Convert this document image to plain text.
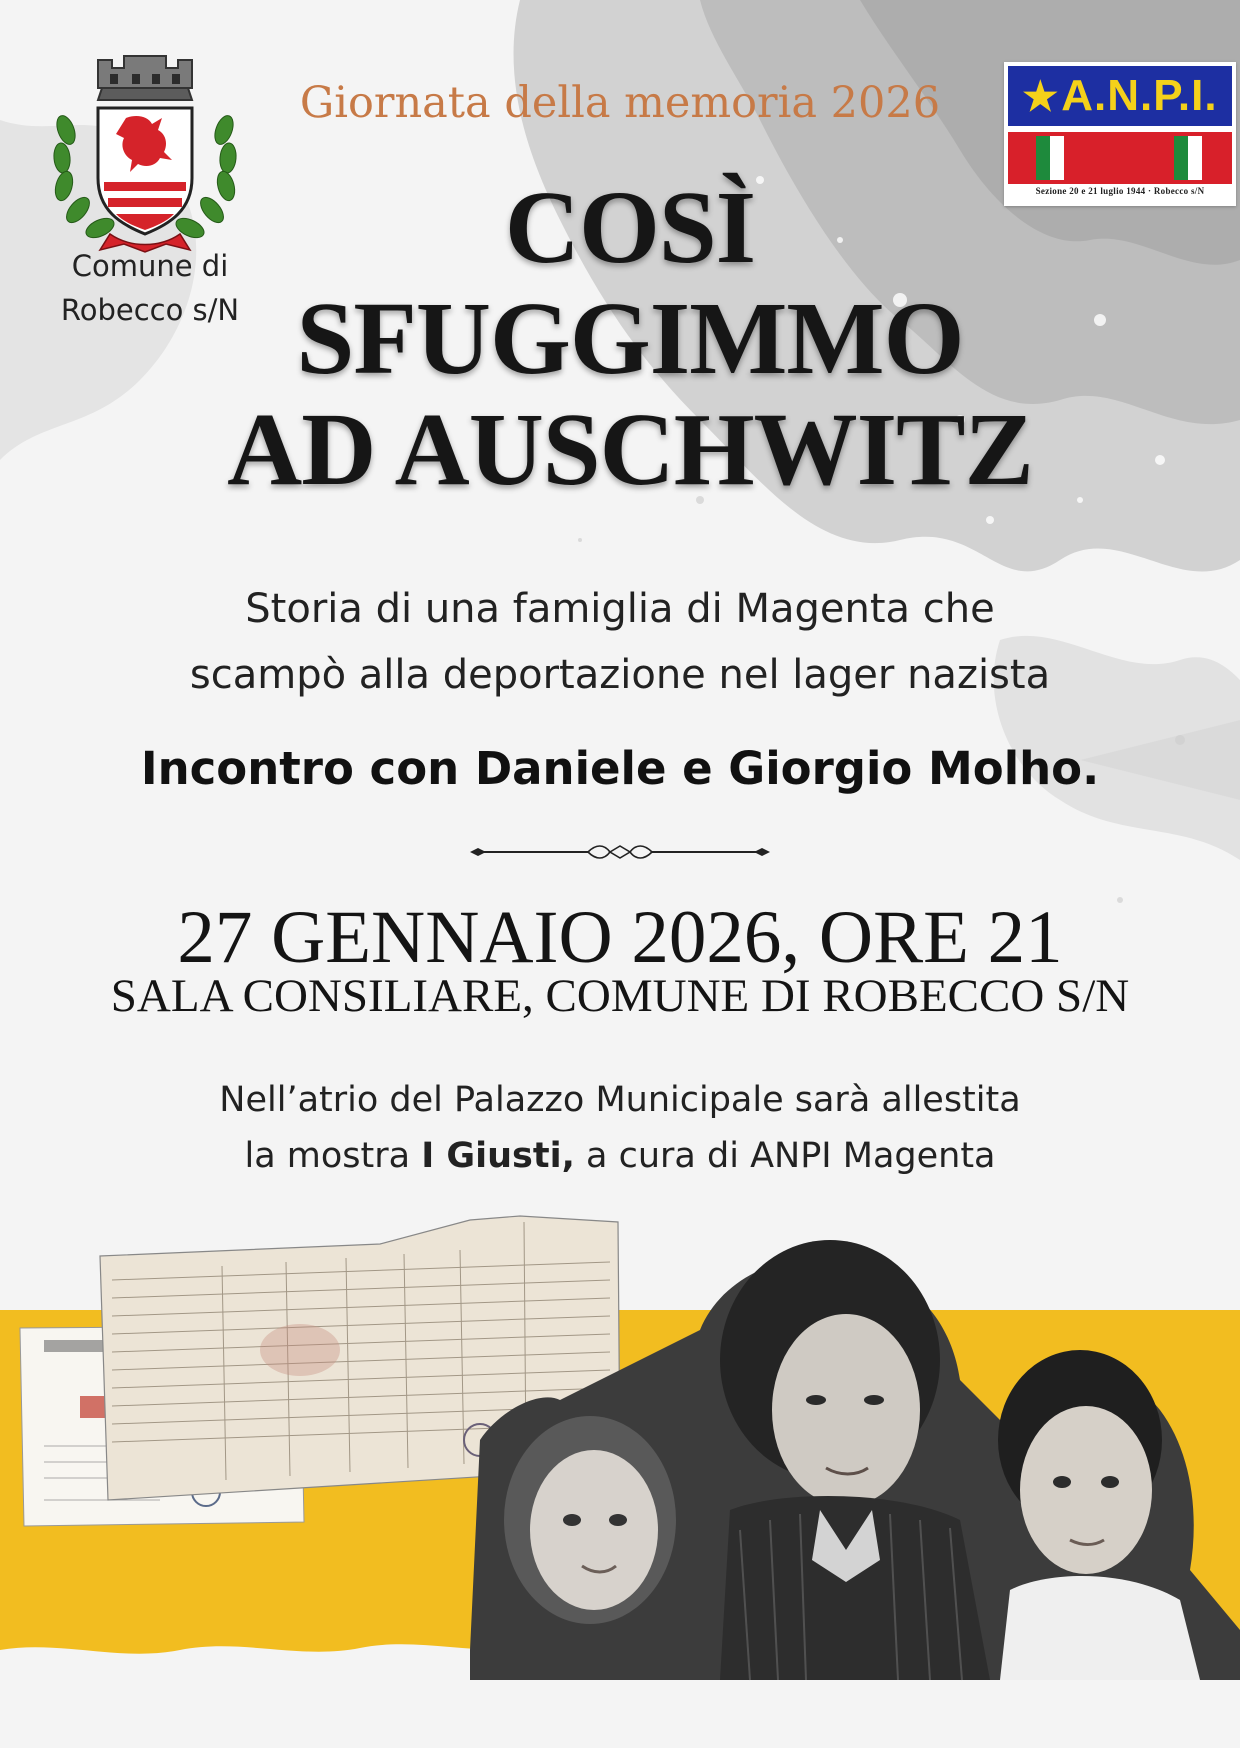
Comune di
Robecco s/N
★A.N.P.I.
Sezione 20 e 21 luglio 1944 · Robecco s/N
Giornata della memoria 2026
COSÌ
SFUGGIMMO
AD AUSCHWITZ
Storia di una famiglia di Magenta che
scampò alla deportazione nel lager nazista
Incontro con Daniele e Giorgio Molho.
27 GENNAIO 2026, ORE 21
SALA CONSILIARE, COMUNE DI ROBECCO S/N
Nell’atrio del Palazzo Municipale sarà allestita
la mostra I Giusti, a cura di ANPI Magenta
